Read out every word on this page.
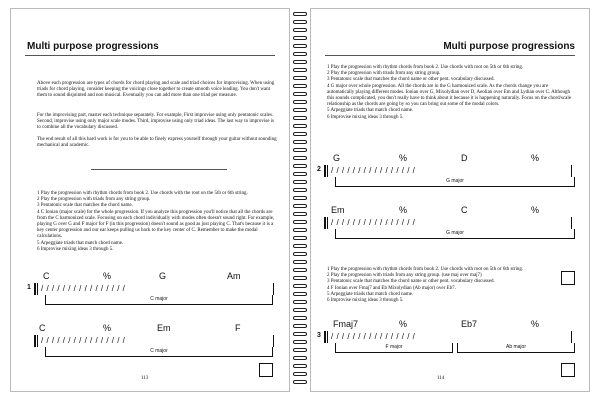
Multi purpose progressions
Above each progression are types of chords for chord playing and scale and triad choices for improvising. When using triads for chord playing, consider keeping the voicings close together to create smooth voice leading. You don't want them to sound disjointed and non musical. Eventually you can add more than one triad per measure.
For the improvising part, master each technique separately. For example, First improvise using only pentatonic scales. Second, improvise using only major scale modes. Third, improvise using only triad ideas. The last way to improvise is to combine all the vocabulary discussed.
The end result of all this hard work is for you to be able to finely express yourself through your guitar without sounding mechanical and academic.
1 Play the progression with rhythm chords from book 2. Use chords with the root on the 5th or 6th string.
2 Play the progression with triads from any string group.
3 Pentatonic scale that matches the chord name.
4 C Ionian (major scale) for the whole progression. If you analyze this progression you'll notice that all the chords are from the C harmonized scale. Focusing on each chord individually with modes often doesn't sound right. For example, playing G over G and F major for F (in this progression) doesn't sound as good as just playing C. That's because it is a key center progression and our ear keeps pulling us back to the key center of C. Remember to make the modal calculations.
5 Arpeggiate triads that match chord name.
6 Improvise mixing ideas 3 through 5.
C	%	G	Am
1 / / / / / / / / / / / / / / / /
C major
C	%	Em	F
/ / / / / / / / / / / / / / / /
C major
113
Multi purpose progressions
1 Play the progression with rhythm chords from book 2. Use chords with root on 5th or 6th string.
2 Play the progression with triads from any string group.
3 Pentatonic scale that matches the chord name or other pent. vocabulary discussed.
4 G major over whole progression. All the chords are in the G harmonized scale. As the chords change you are automatically playing different modes. Ionian over G, Mixolydian over D, Aeolian over Em and Lydian over C. Although this sounds complicated, you don't really have to think about it because it is happening naturally. Focus on the chord/scale relationship as the chords are going by so you can bring out some of the modal colors.
5 Arpeggiate triads that match chord name.
6 Improvise mixing ideas 3 through 5.
G	%	D	%
2 / / / / / / / / / / / / / / / /
G major
Em	%	C	%
/ / / / / / / / / / / / / / / /
G major
1 Play the progression with rhythm chords from book 2. Use chords with root on 5th or 6th string.
2 Play the progression with triads from any string group. (use maj over maj7)
3 Pentatonic scale that matches the chord name or other pent. vocabulary discussed.
4 F Ionian over Fmaj7 and Eb Mixolydian (Ab major) over Eb7.
5 Arpeggiate triads that match chord name.
6 Improvise mixing ideas 3 through 5.
Fmaj7	%	Eb7	%
3 / / / / / / / / / / / / / / / /
F major	Ab major
114
